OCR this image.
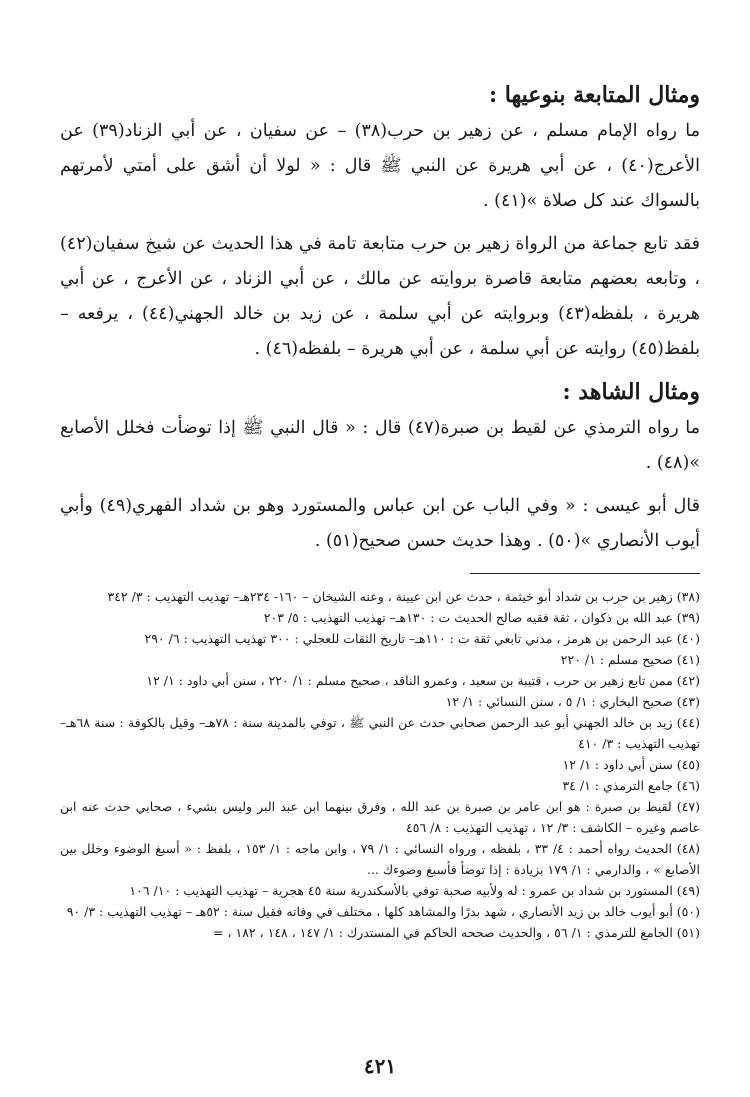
ومثال المتابعة بنوعيها :

ما رواه الإمام مسلم ، عن زهير بن حرب(٣٨) – عن سفيان ، عن أبي الزناد(٣٩) عن الأعرج(٤٠) ، عن أبي هريرة عن النبي ﷺ قال : « لولا أن أشق على أمتي لأمرتهم بالسواك عند كل صلاة »(٤١) .

فقد تابع جماعة من الرواة زهير بن حرب متابعة تامة في هذا الحديث عن شيخ سفيان(٤٢) ، وتابعه بعضهم متابعة قاصرة بروايته عن مالك ، عن أبي الزناد ، عن الأعرج ، عن أبي هريرة ، بلفظه(٤٣) وبروايته عن أبي سلمة ، عن زيد بن خالد الجهني(٤٤) ، يرفعه – بلفظ(٤٥) روايته عن أبي سلمة ، عن أبي هريرة – بلفظه(٤٦) .

ومثال الشاهد :

ما رواه الترمذي عن لقيط بن صبرة(٤٧) قال : « قال النبي ﷺ إذا توضأت فخلل الأصابع »(٤٨) .

قال أبو عيسى : « وفي الباب عن ابن عباس والمستورد وهو بن شداد الفهري(٤٩) وأبي أيوب الأنصاري »(٥٠) . وهذا حديث حسن صحيح(٥١) .

(٣٨) زهير بن حرب بن شداد أبو خيثمة ، حدث عن ابن عيينة ، وعنه الشيخان – ١٦٠- ٢٣٤هـ– تهذيب التهذيب : ٣/ ٣٤٢

(٣٩) عبد الله بن ذكوان ، ثقة فقيه صالح الحديث ت : ١٣٠هـ– تهذيب التهذيب : ٥/ ٢٠٣

(٤٠) عبد الرحمن بن هرمز ، مدني تابعي ثقة ت : ١١٠هـ– تاريخ الثقات للعجلي : ٣٠٠ تهذيب التهذيب : ٦/ ٢٩٠

(٤١) صحيح مسلم : ١/ ٢٢٠

(٤٢) ممن تابع زهير بن حرب ، قتيبة بن سعيد ، وعمرو الناقد ، صحيح مسلم : ١/ ٢٢٠ ، سنن أبي داود : ١/ ١٢

(٤٣) صحيح البخاري : ١/ ٥ ، سنن النسائي : ١/ ١٢

(٤٤) زيد بن خالد الجهني أبو عبد الرحمن صحابي حدث عن النبي ﷺ ، توفي بالمدينة سنة : ٧٨هـ– وقيل بالكوفة : سنة ٦٨هـ– تهذيب التهذيب : ٣/ ٤١٠

(٤٥) سنن أبي داود : ١/ ١٢

(٤٦) جامع الترمذي : ١/ ٣٤

(٤٧) لقيط بن صبرة : هو ابن عامر بن صبرة بن عبد الله ، وفرق بينهما ابن عبد البر وليس بشيء ، صحابي حدث عنه ابن عاصم وغيره – الكاشف : ٣/ ١٢ ، تهذيب التهذيب : ٨/ ٤٥٦

(٤٨) الحديث رواه أحمد : ٤/ ٣٣ ، بلفظه ، ورواه النسائي : ١/ ٧٩ ، وابن ماجه : ١/ ١٥٣ ، بلفظ : « أسبغ الوضوء وخلل بين الأصابع » ، والدارمي : ١/ ١٧٩ بزيادة : إذا توضأ فأسبغ وضوءك ...

(٤٩) المستورد بن شداد بن عمرو : له ولأبيه صحبة توفي بالأسكندرية سنة ٤٥ هجرية – تهذيب التهذيب : ١٠/ ١٠٦

(٥٠) أبو أيوب خالد بن زيد الأنصاري ، شهد بدرًا والمشاهد كلها ، مختلف في وفاته فقيل سنة : ٥٢هـ – تهذيب التهذيب : ٣/ ٩٠

(٥١) الجامع للترمذي : ١/ ٥٦ ، والحديث صححه الحاكم في المستدرك : ١/ ١٤٧ ، ١٤٨ ، ١٨٢ ، =

٤٢١
